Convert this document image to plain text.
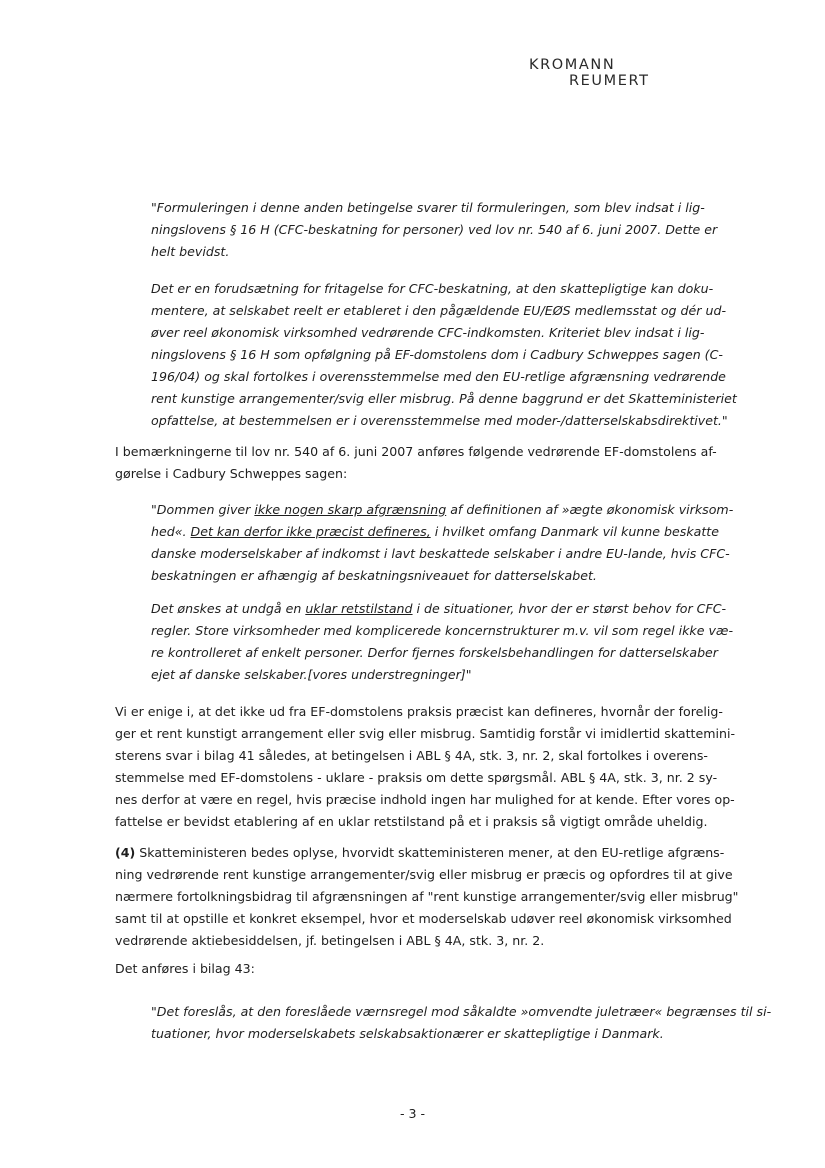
KROMANN
REUMERT
"Formuleringen i denne anden betingelse svarer til formuleringen, som blev indsat i lig-
ningslovens § 16 H (CFC-beskatning for personer) ved lov nr. 540 af 6. juni 2007. Dette er
helt bevidst.
Det er en forudsætning for fritagelse for CFC-beskatning, at den skattepligtige kan doku-
mentere, at selskabet reelt er etableret i den pågældende EU/EØS medlemsstat og dér ud-
øver reel økonomisk virksomhed vedrørende CFC-indkomsten. Kriteriet blev indsat i lig-
ningslovens § 16 H som opfølgning på EF-domstolens dom i Cadbury Schweppes sagen (C-
196/04) og skal fortolkes i overensstemmelse med den EU-retlige afgrænsning vedrørende
rent kunstige arrangementer/svig eller misbrug. På denne baggrund er det Skatteministeriet
opfattelse, at bestemmelsen er i overensstemmelse med moder-/datterselskabsdirektivet."
I bemærkningerne til lov nr. 540 af 6. juni 2007 anføres følgende vedrørende EF-domstolens af-
gørelse i Cadbury Schweppes sagen:
"Dommen giver ikke nogen skarp afgrænsning af definitionen af »ægte økonomisk virksom-
hed«. Det kan derfor ikke præcist defineres, i hvilket omfang Danmark vil kunne beskatte
danske moderselskaber af indkomst i lavt beskattede selskaber i andre EU-lande, hvis CFC-
beskatningen er afhængig af beskatningsniveauet for datterselskabet.
Det ønskes at undgå en uklar retstilstand i de situationer, hvor der er størst behov for CFC-
regler. Store virksomheder med komplicerede koncernstrukturer m.v. vil som regel ikke væ-
re kontrolleret af enkelt personer. Derfor fjernes forskelsbehandlingen for datterselskaber
ejet af danske selskaber.[vores understregninger]"
Vi er enige i, at det ikke ud fra EF-domstolens praksis præcist kan defineres, hvornår der forelig-
ger et rent kunstigt arrangement eller svig eller misbrug. Samtidig forstår vi imidlertid skattemini-
sterens svar i bilag 41 således, at betingelsen i ABL § 4A, stk. 3, nr. 2, skal fortolkes i overens-
stemmelse med EF-domstolens - uklare - praksis om dette spørgsmål. ABL § 4A, stk. 3, nr. 2 sy-
nes derfor at være en regel, hvis præcise indhold ingen har mulighed for at kende. Efter vores op-
fattelse er bevidst etablering af en uklar retstilstand på et i praksis så vigtigt område uheldig.
(4) Skatteministeren bedes oplyse, hvorvidt skatteministeren mener, at den EU-retlige afgræns-
ning vedrørende rent kunstige arrangementer/svig eller misbrug er præcis og opfordres til at give
nærmere fortolkningsbidrag til afgrænsningen af "rent kunstige arrangementer/svig eller misbrug"
samt til at opstille et konkret eksempel, hvor et moderselskab udøver reel økonomisk virksomhed
vedrørende aktiebesiddelsen, jf. betingelsen i ABL § 4A, stk. 3, nr. 2.
Det anføres i bilag 43:
"Det foreslås, at den foreslåede værnsregel mod såkaldte »omvendte juletræer« begrænses til si-
tuationer, hvor moderselskabets selskabsaktionærer er skattepligtige i Danmark.
- 3 -
